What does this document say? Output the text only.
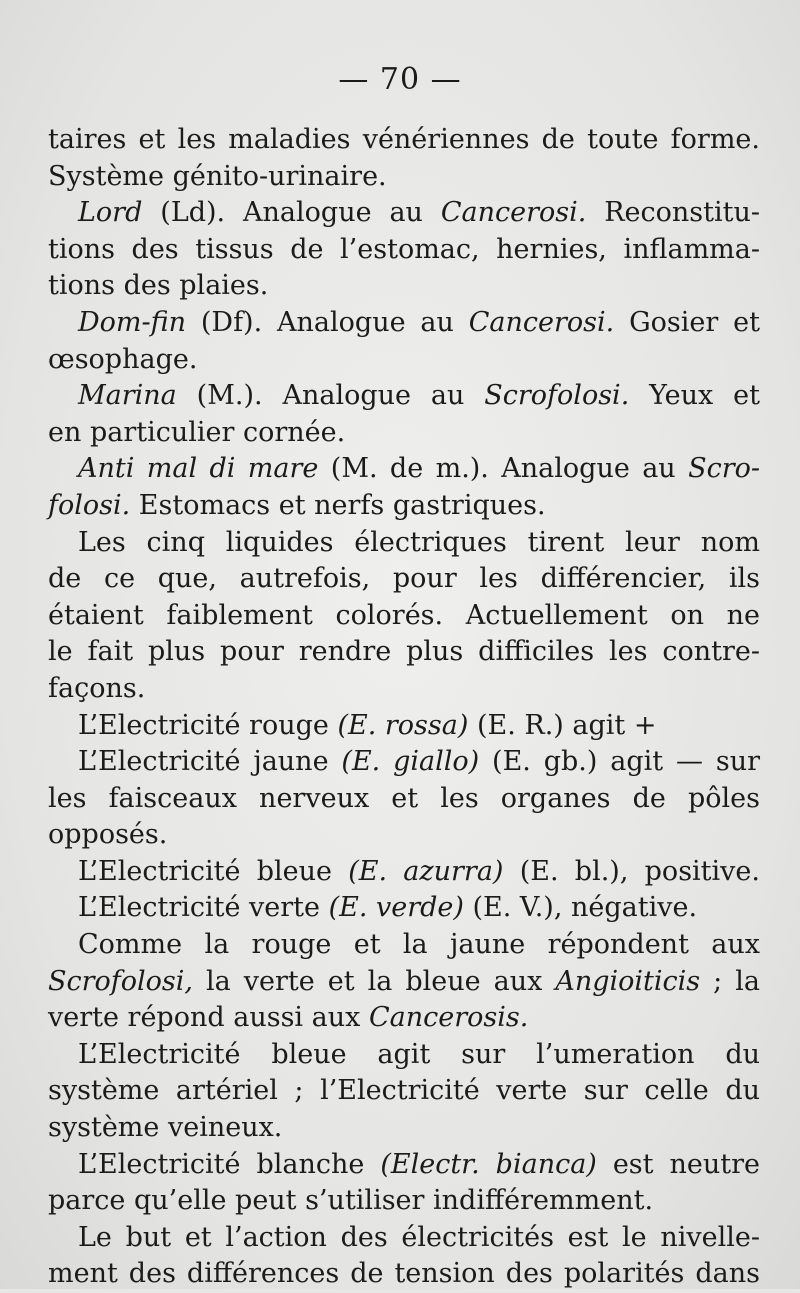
— 70 —
taires et les maladies vénériennes de toute forme.
Système génito-urinaire.
Lord (Ld). Analogue au Cancerosi. Reconstitu-
tions des tissus de l’estomac, hernies, inflamma-
tions des plaies.
Dom-fin (Df). Analogue au Cancerosi. Gosier et
œsophage.
Marina (M.). Analogue au Scrofolosi. Yeux et
en particulier cornée.
Anti mal di mare (M. de m.). Analogue au Scro-
folosi. Estomacs et nerfs gastriques.
Les cinq liquides électriques tirent leur nom
de ce que, autrefois, pour les différencier, ils
étaient faiblement colorés. Actuellement on ne
le fait plus pour rendre plus difficiles les contre-
façons.
L’Electricité rouge (E. rossa) (E. R.) agit +
L’Electricité jaune (E. giallo) (E. gb.) agit — sur
les faisceaux nerveux et les organes de pôles
opposés.
L’Electricité bleue (E. azurra) (E. bl.), positive.
L’Electricité verte (E. verde) (E. V.), négative.
Comme la rouge et la jaune répondent aux
Scrofolosi, la verte et la bleue aux Angioiticis ; la
verte répond aussi aux Cancerosis.
L’Electricité bleue agit sur l’umeration du
système artériel ; l’Electricité verte sur celle du
système veineux.
L’Electricité blanche (Electr. bianca) est neutre
parce qu’elle peut s’utiliser indifféremment.
Le but et l’action des électricités est le nivelle-
ment des différences de tension des polarités dans
